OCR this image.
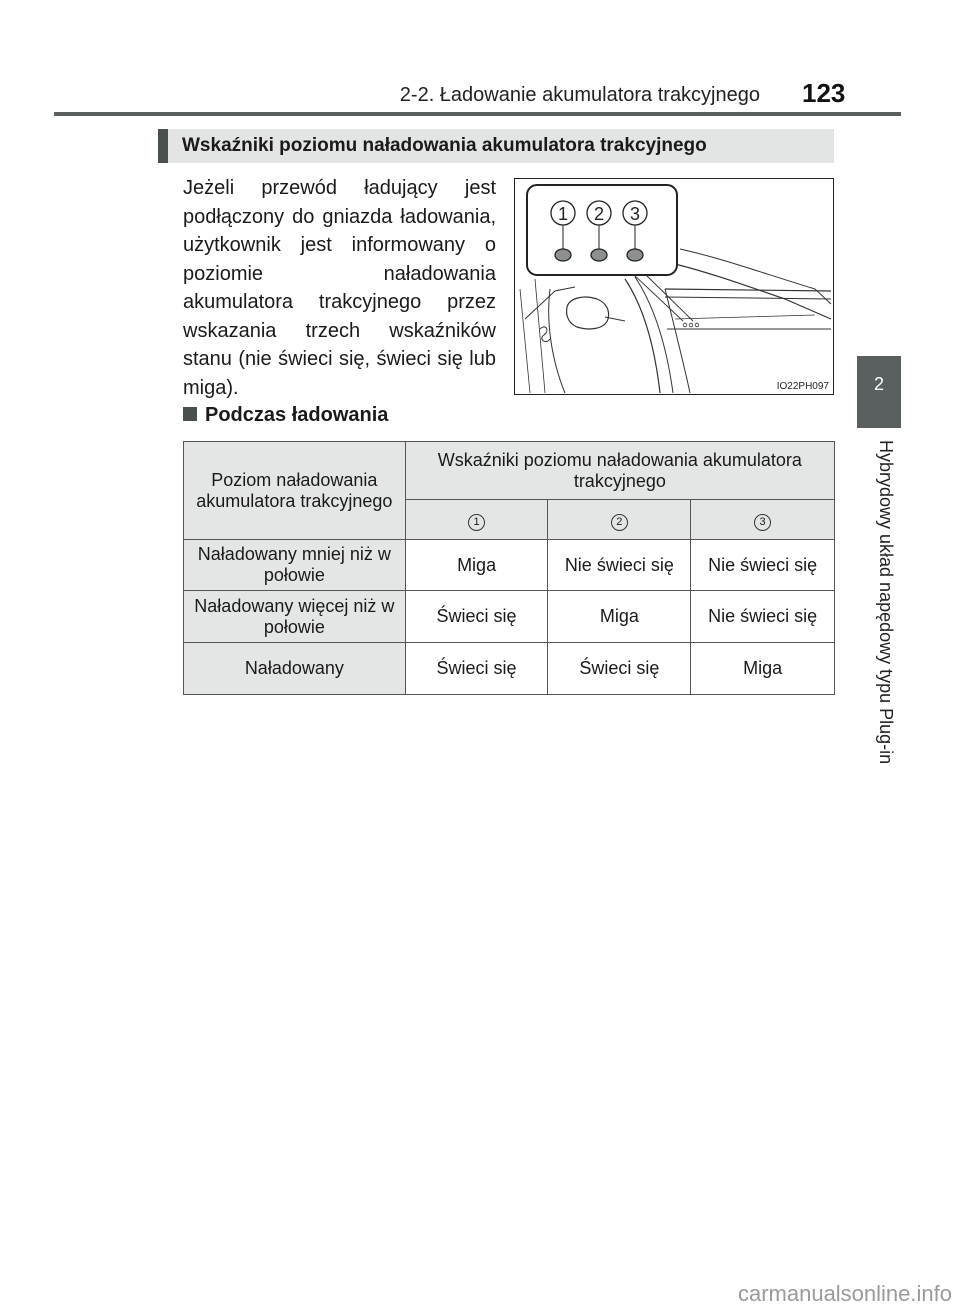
2-2. Ładowanie akumulatora trakcyjnego 123
2
Hybrydowy układ napędowy typu Plug-in
Wskaźniki poziomu naładowania akumulatora trakcyjnego
Jeżeli przewód ładujący jest podłączony do gniazda ładowania, użytkownik jest informowany o poziomie naładowania akumulatora trakcyjnego przez wskazania trzech wskaźników stanu (nie świeci się, świeci się lub miga).
1 2 3
IO22PH097
Podczas ładowania
Poziom naładowania akumulatora trakcyjnego	Wskaźniki poziomu naładowania akumulatora trakcyjnego		
	1	2	3
Naładowany mniej niż w połowie	Miga	Nie świeci się	Nie świeci się
Naładowany więcej niż w połowie	Świeci się	Miga	Nie świeci się
Naładowany	Świeci się	Świeci się	Miga
carmanualsonline.info
